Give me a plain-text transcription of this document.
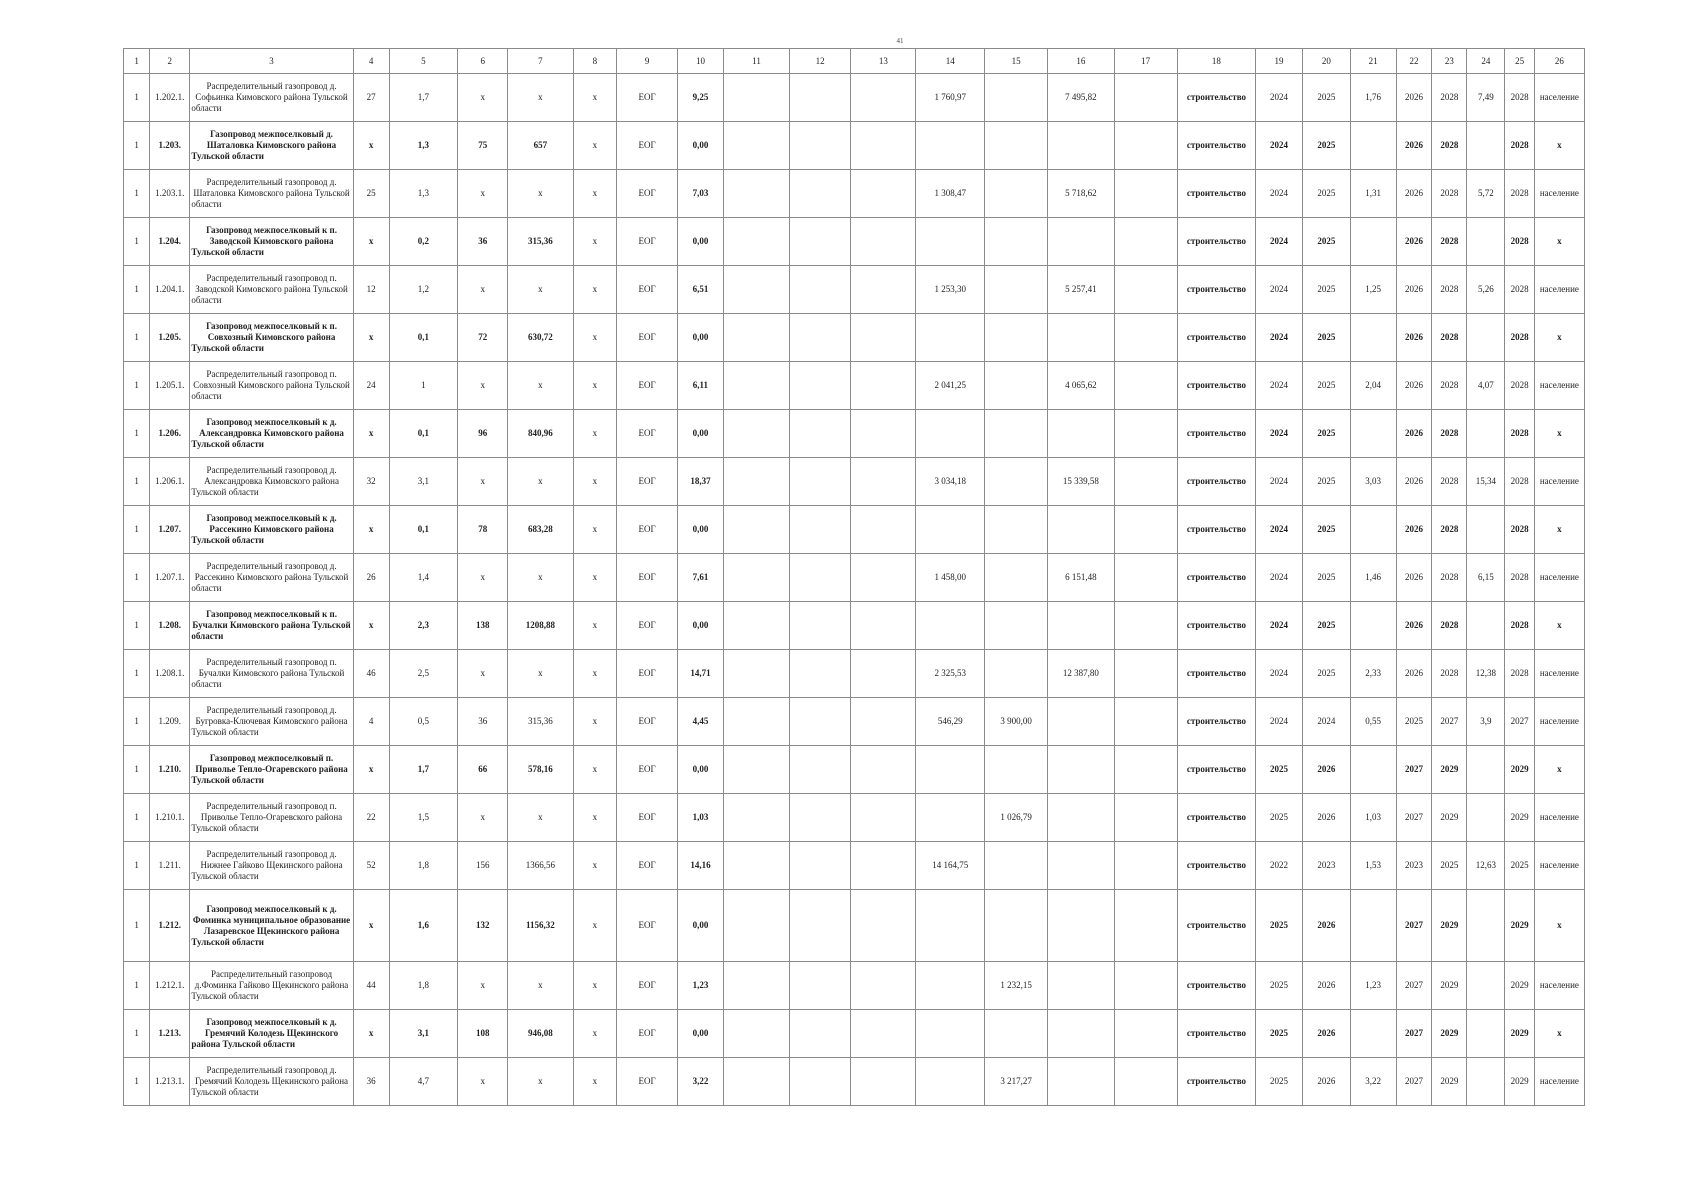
41
1	2	3	4	5	6	7	8	9	10	11	12	13	14	15	16	17	18	19	20	21	22	23	24	25	26
1	1.202.1.	Распределительный газопровод д. Софьинка Кимовского района Тульской области	27	1,7	х	х	х	ЕОГ	9,25				1 760,97		7 495,82		строительство	2024	2025	1,76	2026	2028	7,49	2028	население
1	1.203.	Газопровод межпоселковый д. Шаталовка Кимовского района Тульской области	х	1,3	75	657	х	ЕОГ	0,00								строительство	2024	2025		2026	2028		2028	х
1	1.203.1.	Распределительный газопровод д. Шаталовка Кимовского района Тульской области	25	1,3	х	х	х	ЕОГ	7,03				1 308,47		5 718,62		строительство	2024	2025	1,31	2026	2028	5,72	2028	население
1	1.204.	Газопровод межпоселковый к п. Заводской Кимовского района Тульской области	х	0,2	36	315,36	х	ЕОГ	0,00								строительство	2024	2025		2026	2028		2028	х
1	1.204.1.	Распределительный газопровод п. Заводской Кимовского района Тульской области	12	1,2	х	х	х	ЕОГ	6,51				1 253,30		5 257,41		строительство	2024	2025	1,25	2026	2028	5,26	2028	население
1	1.205.	Газопровод межпоселковый к п. Совхозный Кимовского района Тульской области	х	0,1	72	630,72	х	ЕОГ	0,00								строительство	2024	2025		2026	2028		2028	х
1	1.205.1.	Распределительный газопровод п. Совхозный Кимовского района Тульской области	24	1	х	х	х	ЕОГ	6,11				2 041,25		4 065,62		строительство	2024	2025	2,04	2026	2028	4,07	2028	население
1	1.206.	Газопровод межпоселковый к д. Александровка Кимовского района Тульской области	х	0,1	96	840,96	х	ЕОГ	0,00								строительство	2024	2025		2026	2028		2028	х
1	1.206.1.	Распределительный газопровод д. Александровка Кимовского района Тульской области	32	3,1	х	х	х	ЕОГ	18,37				3 034,18		15 339,58		строительство	2024	2025	3,03	2026	2028	15,34	2028	население
1	1.207.	Газопровод межпоселковый к д. Рассекино Кимовского района Тульской области	х	0,1	78	683,28	х	ЕОГ	0,00								строительство	2024	2025		2026	2028		2028	х
1	1.207.1.	Распределительный газопровод д. Рассекино Кимовского района Тульской области	26	1,4	х	х	х	ЕОГ	7,61				1 458,00		6 151,48		строительство	2024	2025	1,46	2026	2028	6,15	2028	население
1	1.208.	Газопровод межпоселковый к п. Бучалки Кимовского района Тульской области	х	2,3	138	1208,88	х	ЕОГ	0,00								строительство	2024	2025		2026	2028		2028	х
1	1.208.1.	Распределительный газопровод п. Бучалки Кимовского района Тульской области	46	2,5	х	х	х	ЕОГ	14,71				2 325,53		12 387,80		строительство	2024	2025	2,33	2026	2028	12,38	2028	население
1	1.209.	Распределительный газопровод д. Бугровка-Ключевая Кимовского района Тульской области	4	0,5	36	315,36	х	ЕОГ	4,45				546,29	3 900,00			строительство	2024	2024	0,55	2025	2027	3,9	2027	население
1	1.210.	Газопровод межпоселковый п. Приволье Тепло-Огаревского района Тульской области	х	1,7	66	578,16	х	ЕОГ	0,00								строительство	2025	2026		2027	2029		2029	х
1	1.210.1.	Распределительный газопровод п. Приволье Тепло-Огаревского района Тульской области	22	1,5	х	х	х	ЕОГ	1,03					1 026,79			строительство	2025	2026	1,03	2027	2029		2029	население
1	1.211.	Распределительный газопровод д. Нижнее Гайково Щекинского района Тульской области	52	1,8	156	1366,56	х	ЕОГ	14,16				14 164,75				строительство	2022	2023	1,53	2023	2025	12,63	2025	население
1	1.212.	Газопровод межпоселковый к д. Фоминка муниципальное образование Лазаревское Щекинского района Тульской области	х	1,6	132	1156,32	х	ЕОГ	0,00								строительство	2025	2026		2027	2029		2029	х
1	1.212.1.	Распределительный газопровод д.Фоминка Гайково Щекинского района Тульской области	44	1,8	х	х	х	ЕОГ	1,23					1 232,15			строительство	2025	2026	1,23	2027	2029		2029	население
1	1.213.	Газопровод межпоселковый к д. Гремячий Колодезь Щекинского района Тульской области	х	3,1	108	946,08	х	ЕОГ	0,00								строительство	2025	2026		2027	2029		2029	х
1	1.213.1.	Распределительный газопровод д. Гремячий Колодезь Щекинского района Тульской области	36	4,7	х	х	х	ЕОГ	3,22					3 217,27			строительство	2025	2026	3,22	2027	2029		2029	население
